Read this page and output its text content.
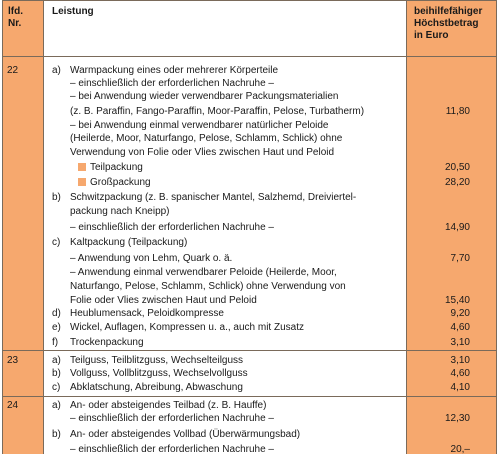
lfd.
Nr.
Leistung	beihilfefähiger
Höchstbetrag
in Euro
22	a) Warmpackung eines oder mehrerer Körperteile
– einschließlich der erforderlichen Nachruhe –
– bei Anwendung wieder verwendbarer Packungsmaterialien
(z. B. Paraffin, Fango-Paraffin, Moor-Paraffin, Pelose, Turbatherm)	11,80
– bei Anwendung einmal verwendbarer natürlicher Peloide
(Heilerde, Moor, Naturfango, Pelose, Schlamm, Schlick) ohne
Verwendung von Folie oder Vlies zwischen Haut und Peloid
Teilpackung	20,50
Großpackung	28,20
b) Schwitzpackung (z. B. spanischer Mantel, Salzhemd, Dreiviertel-
packung nach Kneipp)
– einschließlich der erforderlichen Nachruhe –	14,90
c) Kaltpackung (Teilpackung)
– Anwendung von Lehm, Quark o. ä.	7,70
– Anwendung einmal verwendbarer Peloide (Heilerde, Moor,
Naturfango, Pelose, Schlamm, Schlick) ohne Verwendung von
Folie oder Vlies zwischen Haut und Peloid	15,40
d) Heublumensack, Peloidkompresse	9,20
e) Wickel, Auflagen, Kompressen u. a., auch mit Zusatz	4,60
f) Trockenpackung	3,10
23	a) Teilguss, Teilblitzguss, Wechselteilguss	3,10
b) Vollguss, Vollblitzguss, Wechselvollguss	4,60
c) Abklatschung, Abreibung, Abwaschung	4,10
24	a) An- oder absteigendes Teilbad (z. B. Hauffe)
– einschließlich der erforderlichen Nachruhe –	12,30
b) An- oder absteigendes Vollbad (Überwärmungsbad)
– einschließlich der erforderlichen Nachruhe –	20,–
